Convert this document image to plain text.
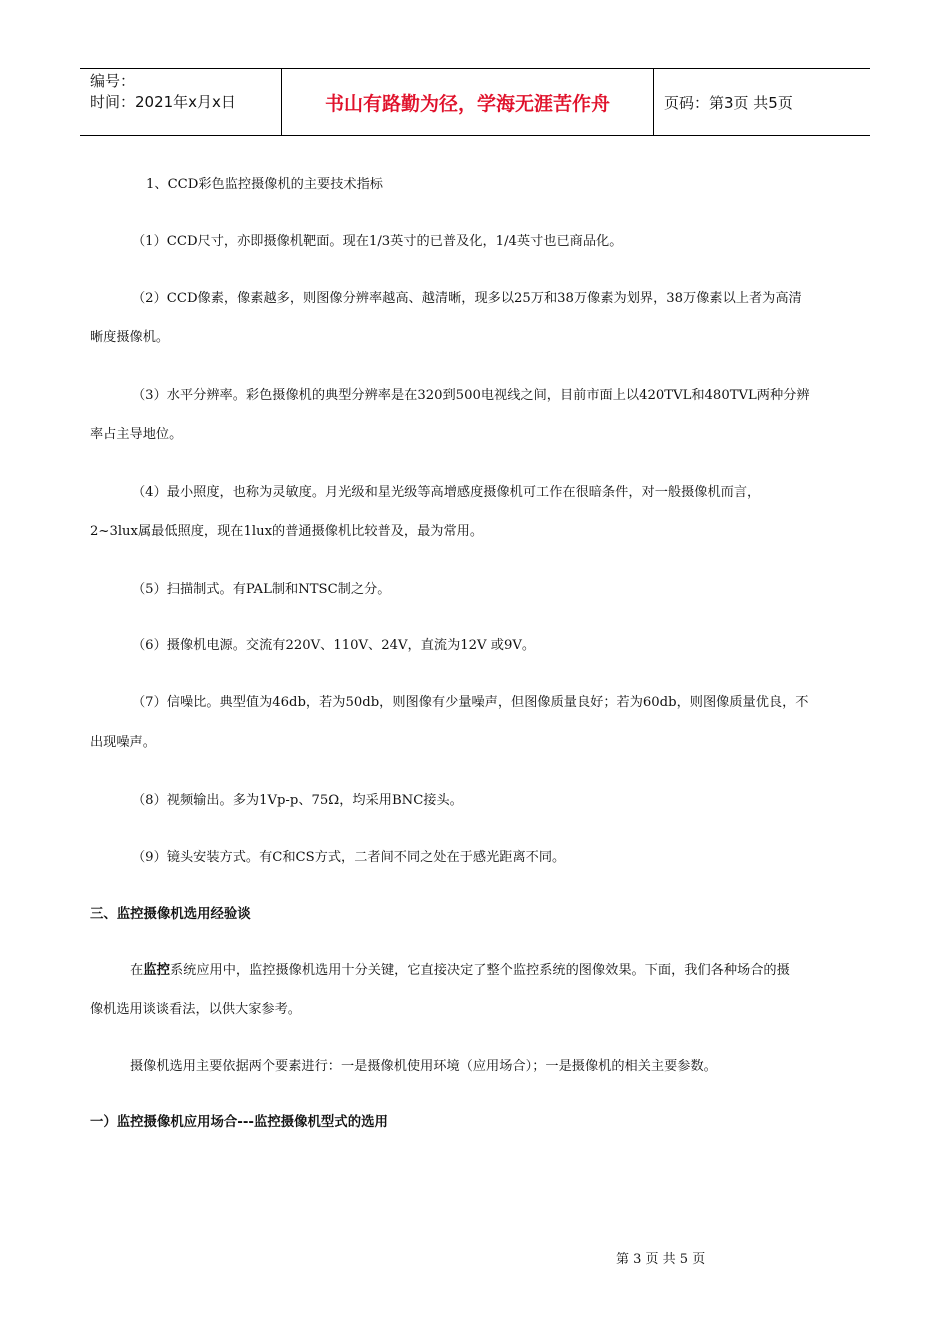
编号：
时间：2021年x月x日	书山有路勤为径，学海无涯苦作舟	页码：第3页 共5页
1、CCD彩色监控摄像机的主要技术指标
（1）CCD尺寸，亦即摄像机靶面。现在1/3英寸的已普及化，1/4英寸也已商品化。
（2）CCD像素，像素越多，则图像分辨率越高、越清晰，现多以25万和38万像素为划界，38万像素以上者为高清
晰度摄像机。
（3）水平分辨率。彩色摄像机的典型分辨率是在320到500电视线之间，目前市面上以420TVL和480TVL两种分辨
率占主导地位。
（4）最小照度，也称为灵敏度。月光级和星光级等高增感度摄像机可工作在很暗条件，对一般摄像机而言，
2~3lux属最低照度，现在1lux的普通摄像机比较普及，最为常用。
（5）扫描制式。有PAL制和NTSC制之分。
（6）摄像机电源。交流有220V、110V、24V，直流为12V 或9V。
（7）信噪比。典型值为46db，若为50db，则图像有少量噪声，但图像质量良好；若为60db，则图像质量优良，不
出现噪声。
（8）视频输出。多为1Vp-p、75Ω，均采用BNC接头。
（9）镜头安装方式。有C和CS方式，二者间不同之处在于感光距离不同。
三、监控摄像机选用经验谈
在监控系统应用中，监控摄像机选用十分关键，它直接决定了整个监控系统的图像效果。下面，我们各种场合的摄
像机选用谈谈看法，以供大家参考。
摄像机选用主要依据两个要素进行：一是摄像机使用环境（应用场合）；一是摄像机的相关主要参数。
一）监控摄像机应用场合---监控摄像机型式的选用
第 3 页 共 5 页
